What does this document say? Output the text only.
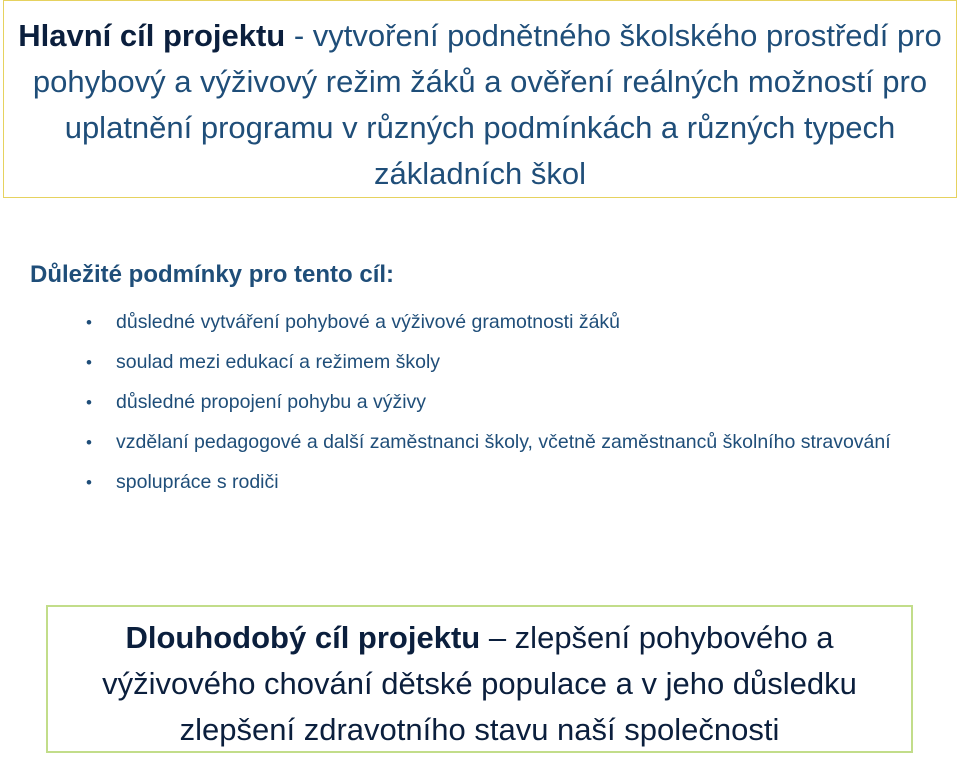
Hlavní cíl projektu - vytvoření podnětného školského prostředí pro pohybový a výživový režim žáků a ověření reálných možností pro uplatnění programu v různých podmínkách a různých typech základních škol
Důležité podmínky pro tento cíl:
•
důsledné vytváření pohybové a výživové gramotnosti žáků
•
soulad mezi edukací a režimem školy
•
důsledné propojení pohybu a výživy
•
vzdělaní pedagogové a další zaměstnanci školy, včetně zaměstnanců školního stravování
•
spolupráce s rodiči
Dlouhodobý cíl projektu – zlepšení pohybového a výživového chování dětské populace a v jeho důsledku zlepšení zdravotního stavu naší společnosti
